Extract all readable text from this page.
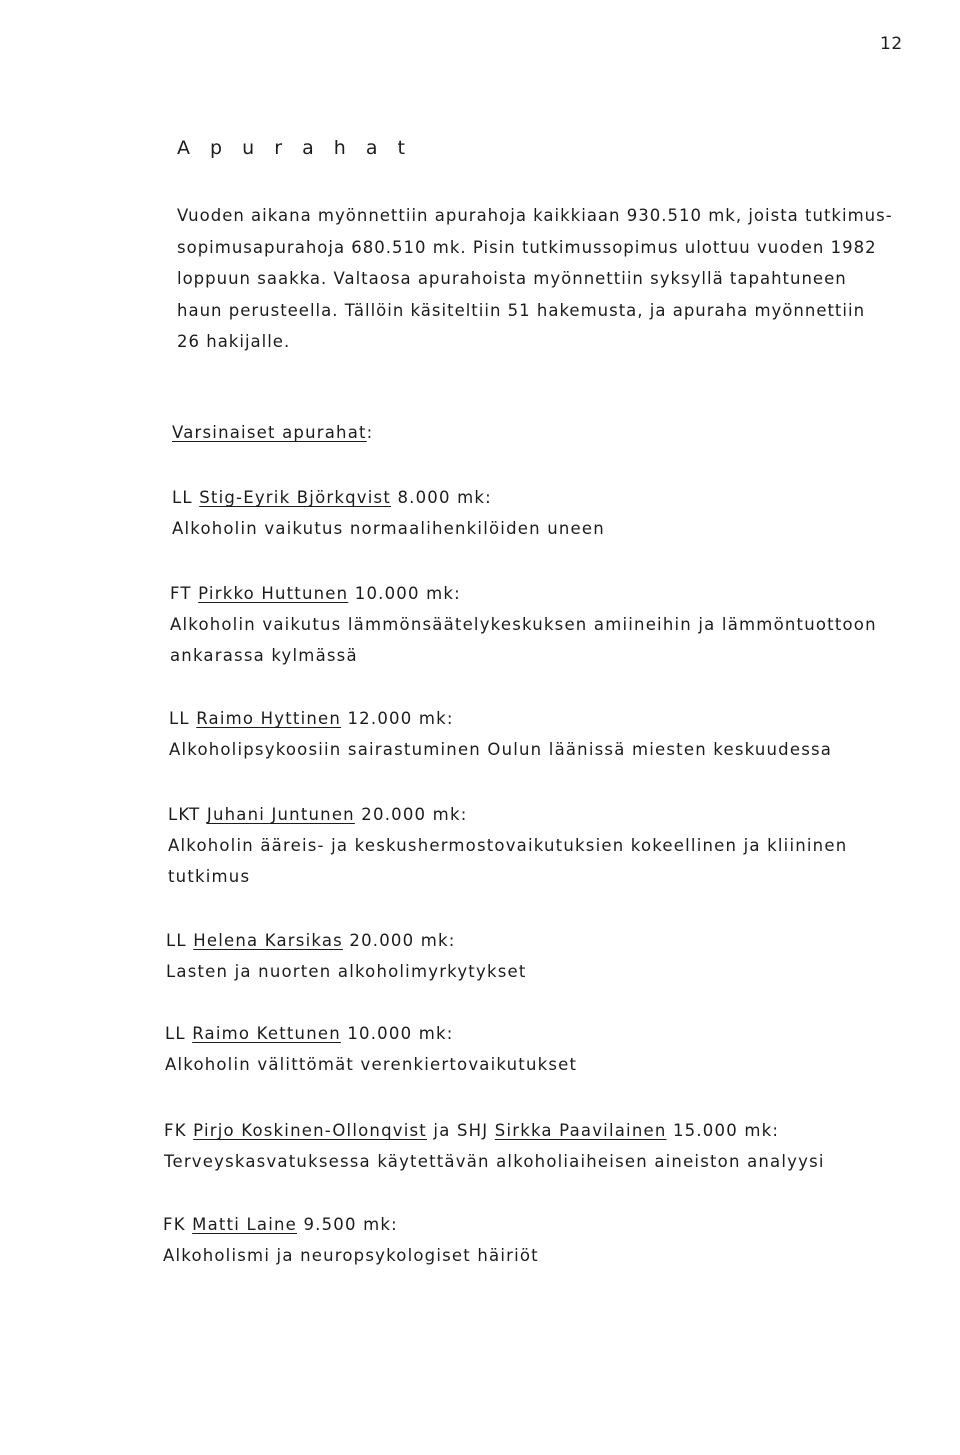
12
A p u r a h a t
Vuoden aikana myönnettiin apurahoja kaikkiaan 930.510 mk, joista tutkimus-
sopimusapurahoja 680.510 mk. Pisin tutkimussopimus ulottuu vuoden 1982
loppuun saakka. Valtaosa apurahoista myönnettiin syksyllä tapahtuneen
haun perusteella. Tällöin käsiteltiin 51 hakemusta, ja apuraha myönnettiin
26 hakijalle.
Varsinaiset apurahat:
LL Stig-Eyrik Björkqvist 8.000 mk:
Alkoholin vaikutus normaalihenkilöiden uneen
FT Pirkko Huttunen 10.000 mk:
Alkoholin vaikutus lämmönsäätelykeskuksen amiineihin ja lämmöntuottoon
ankarassa kylmässä
LL Raimo Hyttinen 12.000 mk:
Alkoholipsykoosiin sairastuminen Oulun läänissä miesten keskuudessa
LKT Juhani Juntunen 20.000 mk:
Alkoholin ääreis- ja keskushermostovaikutuksien kokeellinen ja kliininen
tutkimus
LL Helena Karsikas 20.000 mk:
Lasten ja nuorten alkoholimyrkytykset
LL Raimo Kettunen 10.000 mk:
Alkoholin välittömät verenkiertovaikutukset
FK Pirjo Koskinen-Ollonqvist ja SHJ Sirkka Paavilainen 15.000 mk:
Terveyskasvatuksessa käytettävän alkoholiaiheisen aineiston analyysi
FK Matti Laine 9.500 mk:
Alkoholismi ja neuropsykologiset häiriöt
